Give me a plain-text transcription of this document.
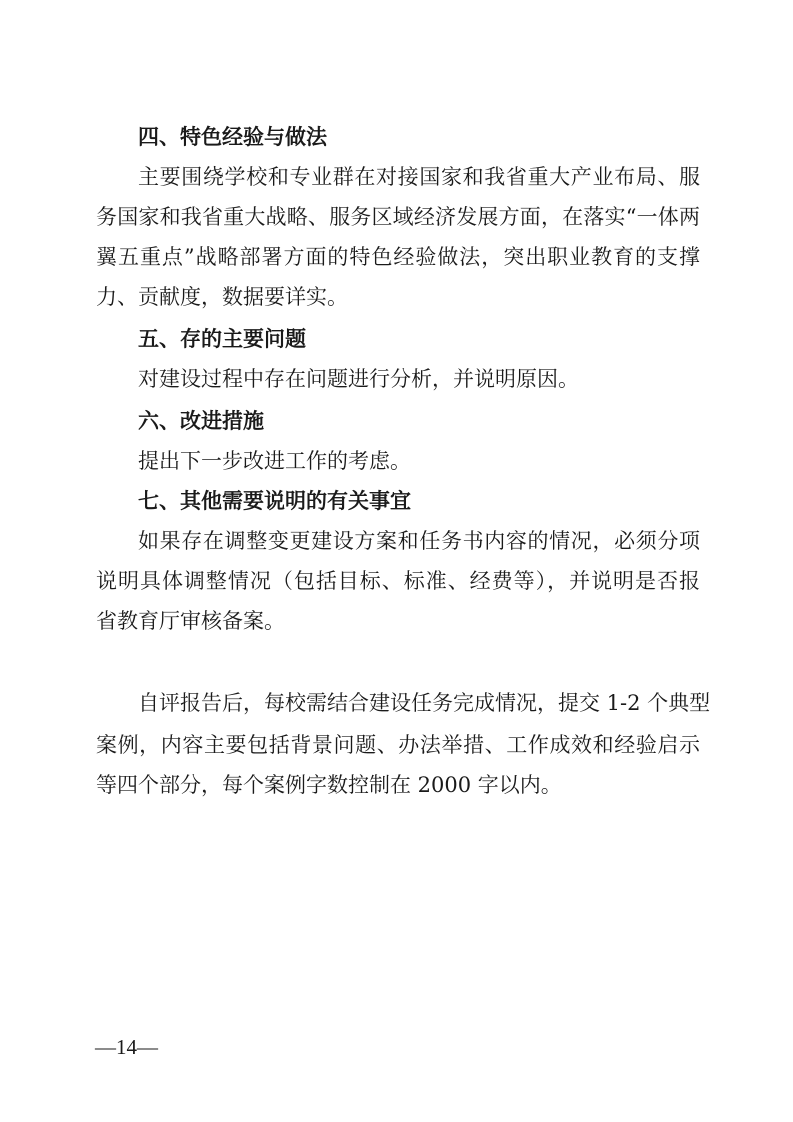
四、特色经验与做法
主要围绕学校和专业群在对接国家和我省重大产业布局、服
务国家和我省重大战略、服务区域经济发展方面，在落实“一体两
翼五重点”战略部署方面的特色经验做法，突出职业教育的支撑
力、贡献度，数据要详实。
五、存的主要问题
对建设过程中存在问题进行分析，并说明原因。
六、改进措施
提出下一步改进工作的考虑。
七、其他需要说明的有关事宜
如果存在调整变更建设方案和任务书内容的情况，必须分项
说明具体调整情况（包括目标、标准、经费等），并说明是否报
省教育厅审核备案。
自评报告后，每校需结合建设任务完成情况，提交 1-2 个典型
案例，内容主要包括背景问题、办法举措、工作成效和经验启示
等四个部分，每个案例字数控制在 2000 字以内。
—14—
